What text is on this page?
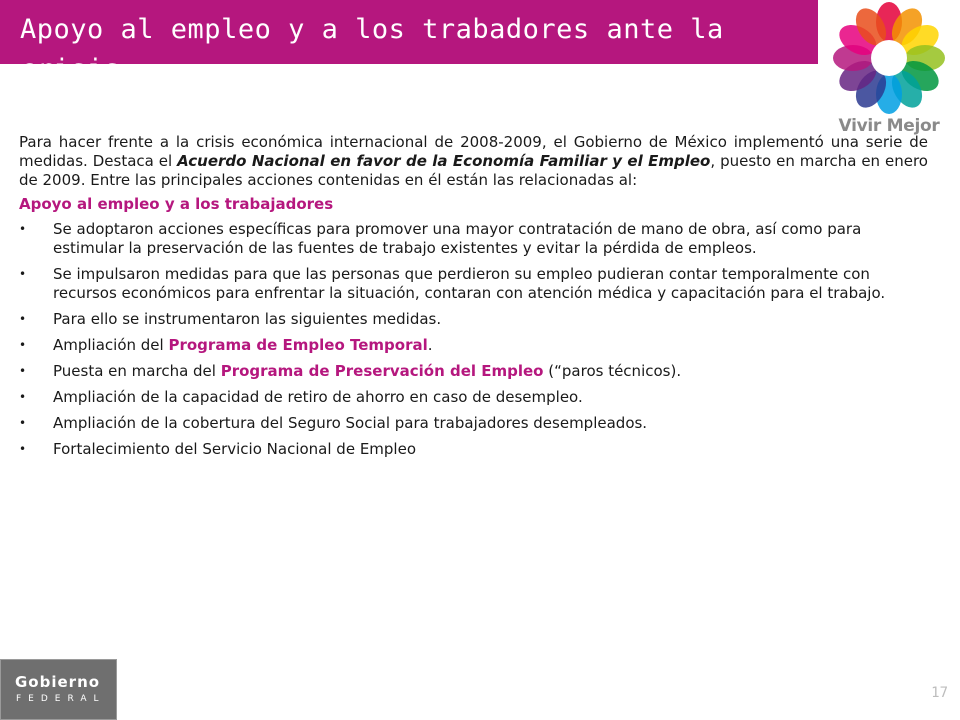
Apoyo al empleo y a los trabadores ante la crisis
Vivir Mejor

Para hacer frente a la crisis económica internacional de 2008-2009, el Gobierno de México implementó una serie de medidas. Destaca el Acuerdo Nacional en favor de la Economía Familiar y el Empleo, puesto en marcha en enero de 2009. Entre las principales acciones contenidas en él están las relacionadas al:

Apoyo al empleo y a los trabajadores
• Se adoptaron acciones específicas para promover una mayor contratación de mano de obra, así como para estimular la preservación de las fuentes de trabajo existentes y evitar la pérdida de empleos.
• Se impulsaron medidas para que las personas que perdieron su empleo pudieran contar temporalmente con recursos económicos para enfrentar la situación, contaran con atención médica y capacitación para el trabajo.
• Para ello se instrumentaron las siguientes medidas.
• Ampliación del Programa de Empleo Temporal.
• Puesta en marcha del Programa de Preservación del Empleo (“paros técnicos).
• Ampliación de la capacidad de retiro de ahorro en caso de desempleo.
• Ampliación de la cobertura del Seguro Social para trabajadores desempleados.
• Fortalecimiento del Servicio Nacional de Empleo
Gobierno
FEDERAL	17
